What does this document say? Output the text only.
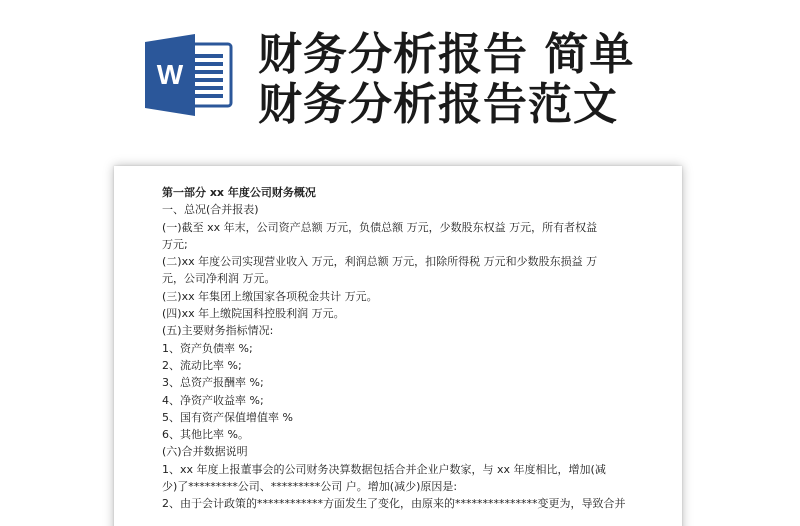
W 财务分析报告 简单
财务分析报告范文
第一部分 xx 年度公司财务概况
一、总况(合并报表)
(一)截至 xx 年末，公司资产总额 万元，负债总额 万元，少数股东权益 万元，所有者权益
万元;
(二)xx 年度公司实现营业收入 万元，利润总额 万元，扣除所得税 万元和少数股东损益 万
元，公司净利润 万元。
(三)xx 年集团上缴国家各项税金共计 万元。
(四)xx 年上缴院国科控股利润 万元。
(五)主要财务指标情况:
1、资产负债率 %;
2、流动比率 %;
3、总资产报酬率 %;
4、净资产收益率 %;
5、国有资产保值增值率 %
6、其他比率 %。
(六)合并数据说明
1、xx 年度上报董事会的公司财务决算数据包括合并企业户数家，与 xx 年度相比，增加(减
少)了*********公司、*********公司 户。增加(减少)原因是:
2、由于会计政策的************方面发生了变化，由原来的***************变更为，导致合并
